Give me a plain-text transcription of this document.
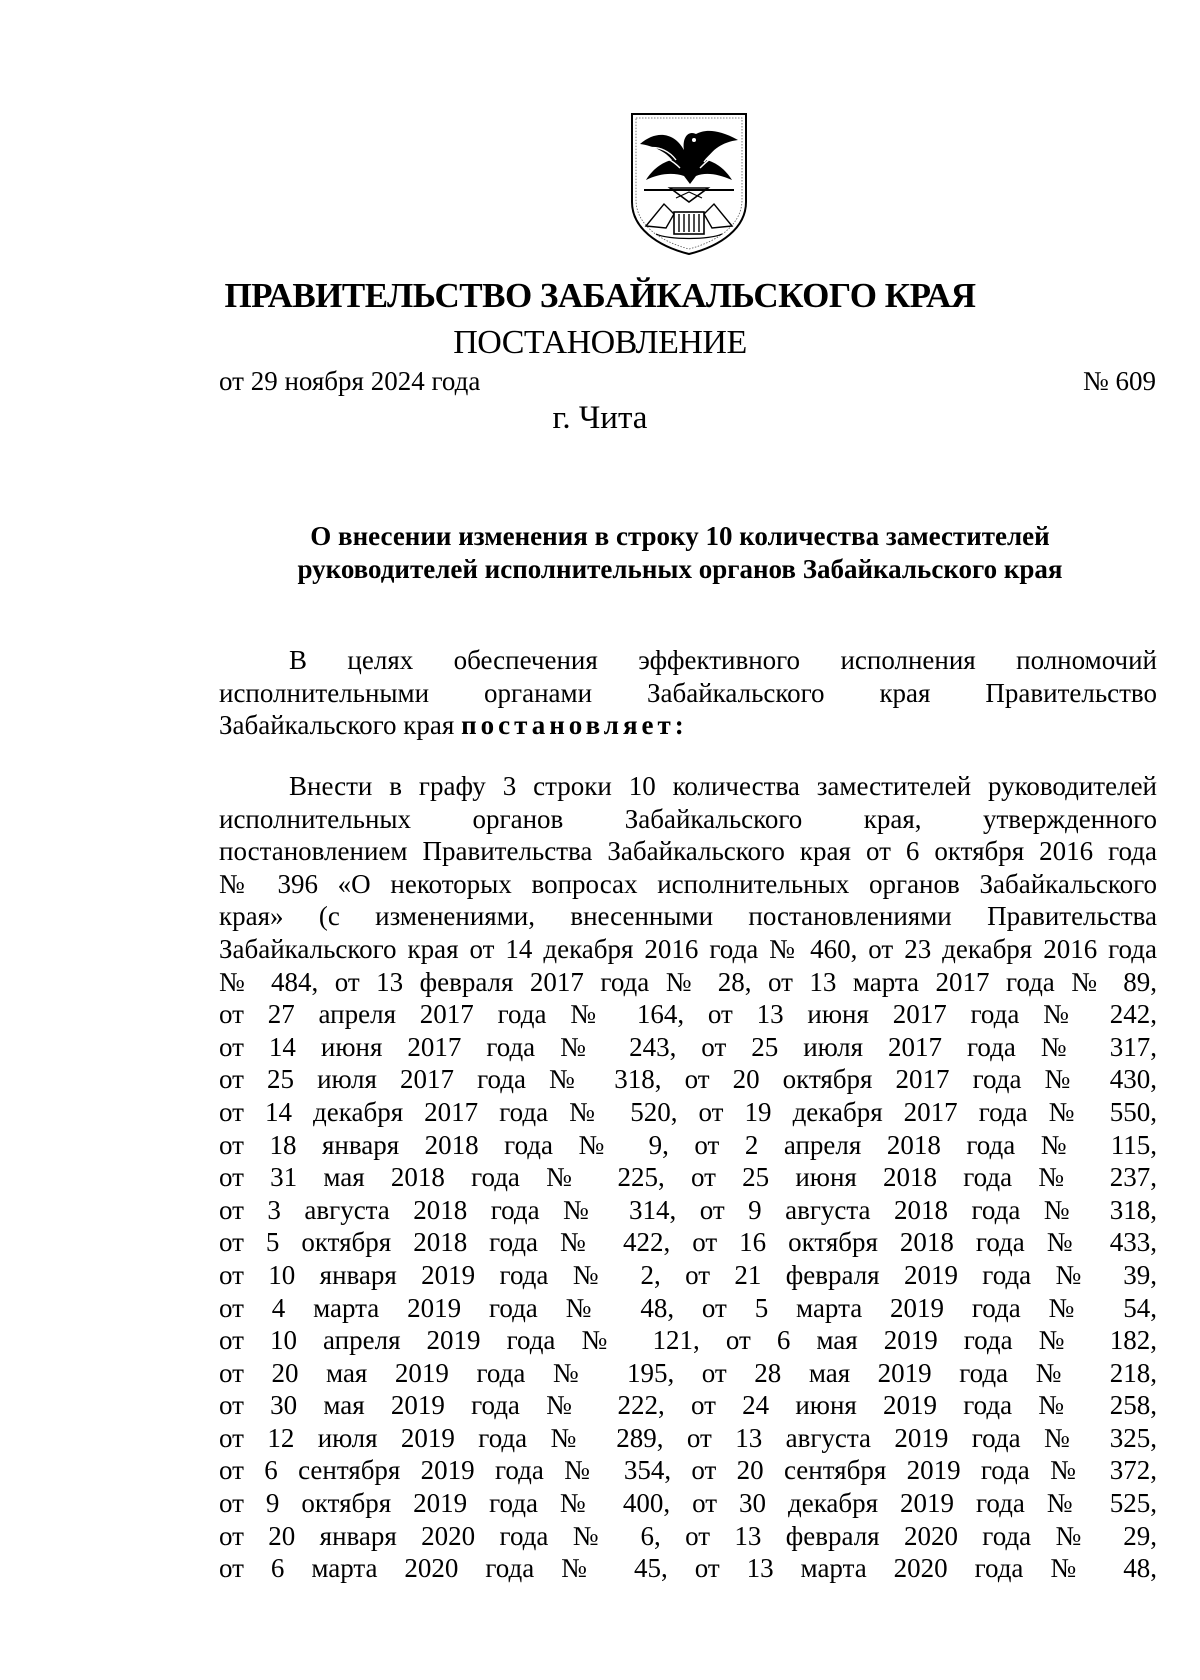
ПРАВИТЕЛЬСТВО ЗАБАЙКАЛЬСКОГО КРАЯ
ПОСТАНОВЛЕНИЕ
от 29 ноября 2024 года	№ 609
г. Чита
О внесении изменения в строку 10 количества заместителей
руководителей исполнительных органов Забайкальского края
В целях обеспечения эффективного исполнения полномочий
исполнительными органами Забайкальского края Правительство
Забайкальского края постановляет:
Внести в графу 3 строки 10 количества заместителей руководителей
исполнительных органов Забайкальского края, утвержденного
постановлением Правительства Забайкальского края от 6 октября 2016 года
№ 396 «О некоторых вопросах исполнительных органов Забайкальского
края» (с изменениями, внесенными постановлениями Правительства
Забайкальского края от 14 декабря 2016 года № 460, от 23 декабря 2016 года
№ 484, от 13 февраля 2017 года № 28, от 13 марта 2017 года № 89,
от 27 апреля 2017 года № 164, от 13 июня 2017 года № 242,
от 14 июня 2017 года № 243, от 25 июля 2017 года № 317,
от 25 июля 2017 года № 318, от 20 октября 2017 года № 430,
от 14 декабря 2017 года № 520, от 19 декабря 2017 года № 550,
от 18 января 2018 года № 9, от 2 апреля 2018 года № 115,
от 31 мая 2018 года № 225, от 25 июня 2018 года № 237,
от 3 августа 2018 года № 314, от 9 августа 2018 года № 318,
от 5 октября 2018 года № 422, от 16 октября 2018 года № 433,
от 10 января 2019 года № 2, от 21 февраля 2019 года № 39,
от 4 марта 2019 года № 48, от 5 марта 2019 года № 54,
от 10 апреля 2019 года № 121, от 6 мая 2019 года № 182,
от 20 мая 2019 года № 195, от 28 мая 2019 года № 218,
от 30 мая 2019 года № 222, от 24 июня 2019 года № 258,
от 12 июля 2019 года № 289, от 13 августа 2019 года № 325,
от 6 сентября 2019 года № 354, от 20 сентября 2019 года № 372,
от 9 октября 2019 года № 400, от 30 декабря 2019 года № 525,
от 20 января 2020 года № 6, от 13 февраля 2020 года № 29,
от 6 марта 2020 года № 45, от 13 марта 2020 года № 48,
